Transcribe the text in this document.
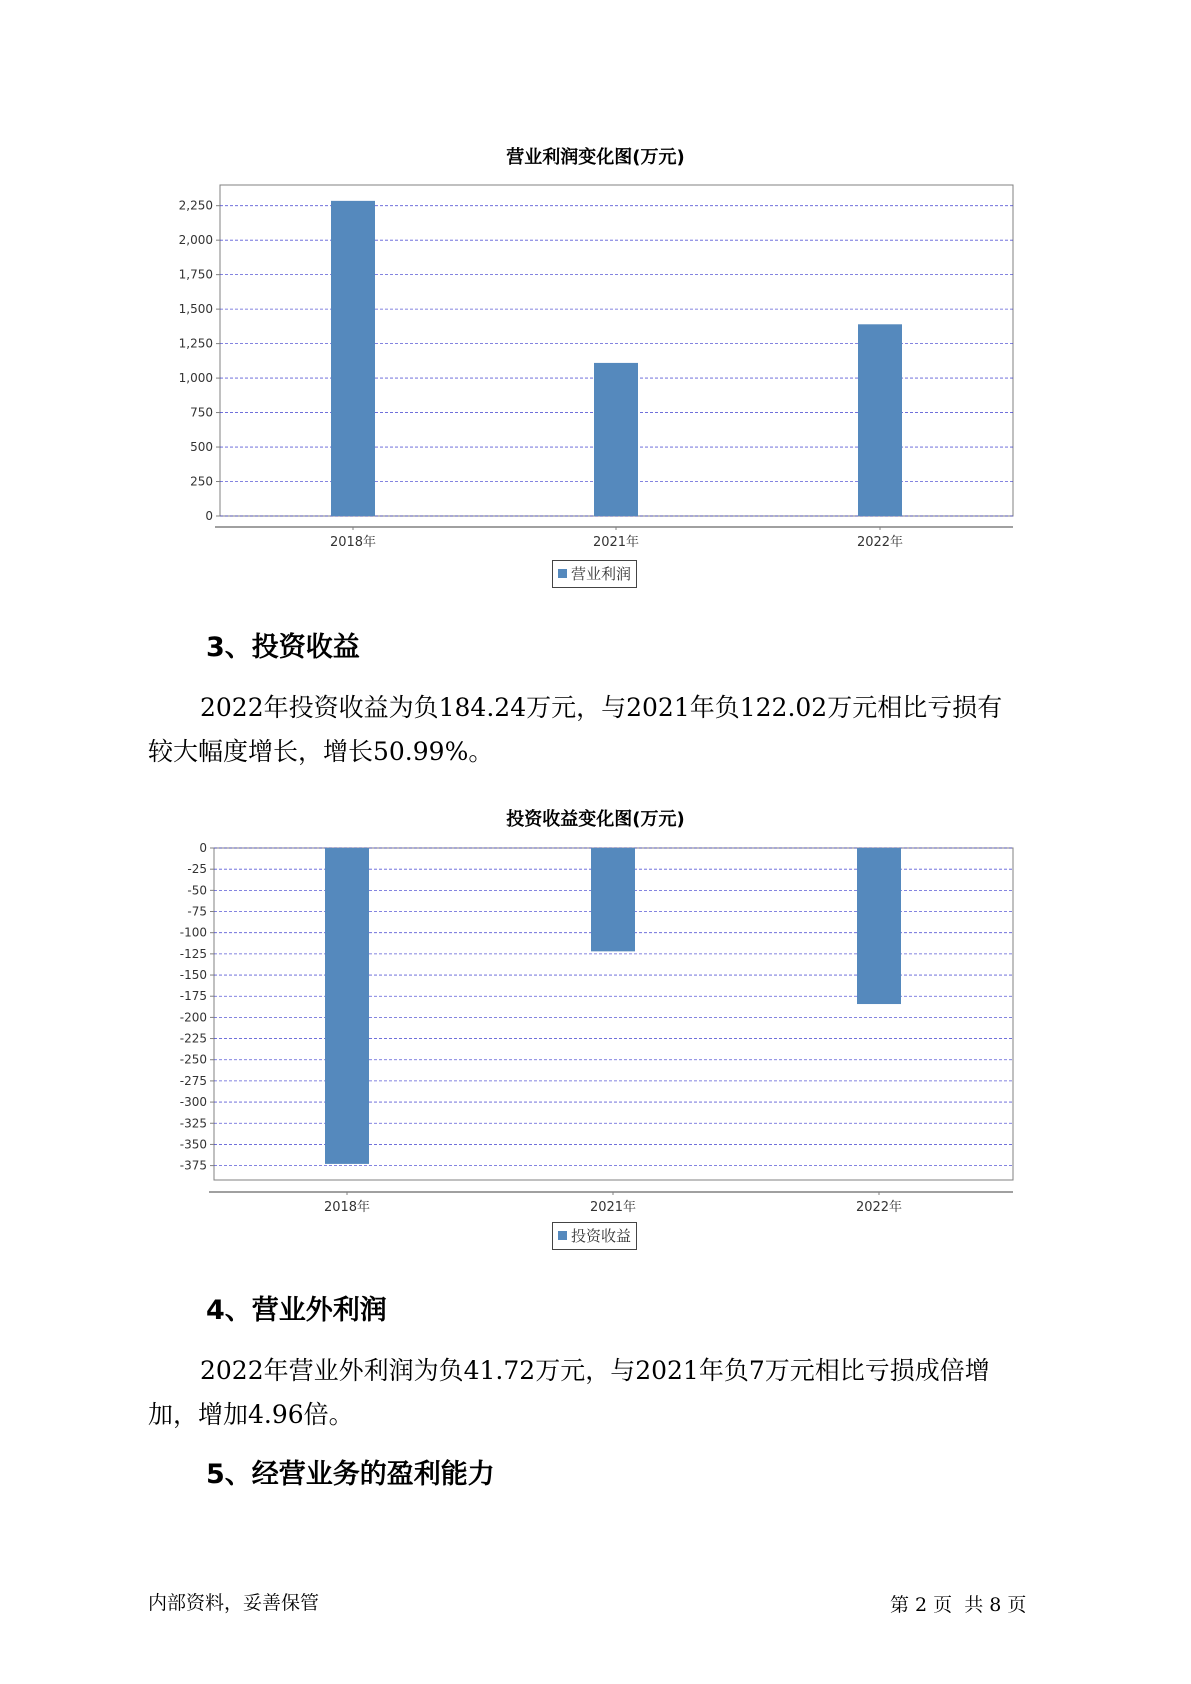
营业利润变化图(万元)
0
250
500
750
1,000
1,250
1,500
1,750
2,000
2,250
2018年	2021年	2022年
营业利润
3、投资收益

2022年投资收益为负184.24万元，与2021年负122.02万元相比亏损有
较大幅度增长，增长50.99%。

投资收益变化图(万元)
0
-25
-50
-75
-100
-125
-150
-175
-200
-225
-250
-275
-300
-325
-350
-375
2018年	2021年	2022年
投资收益
4、营业外利润

2022年营业外利润为负41.72万元，与2021年负7万元相比亏损成倍增
加，增加4.96倍。

5、经营业务的盈利能力
内部资料，妥善保管	第 2 页  共 8 页
